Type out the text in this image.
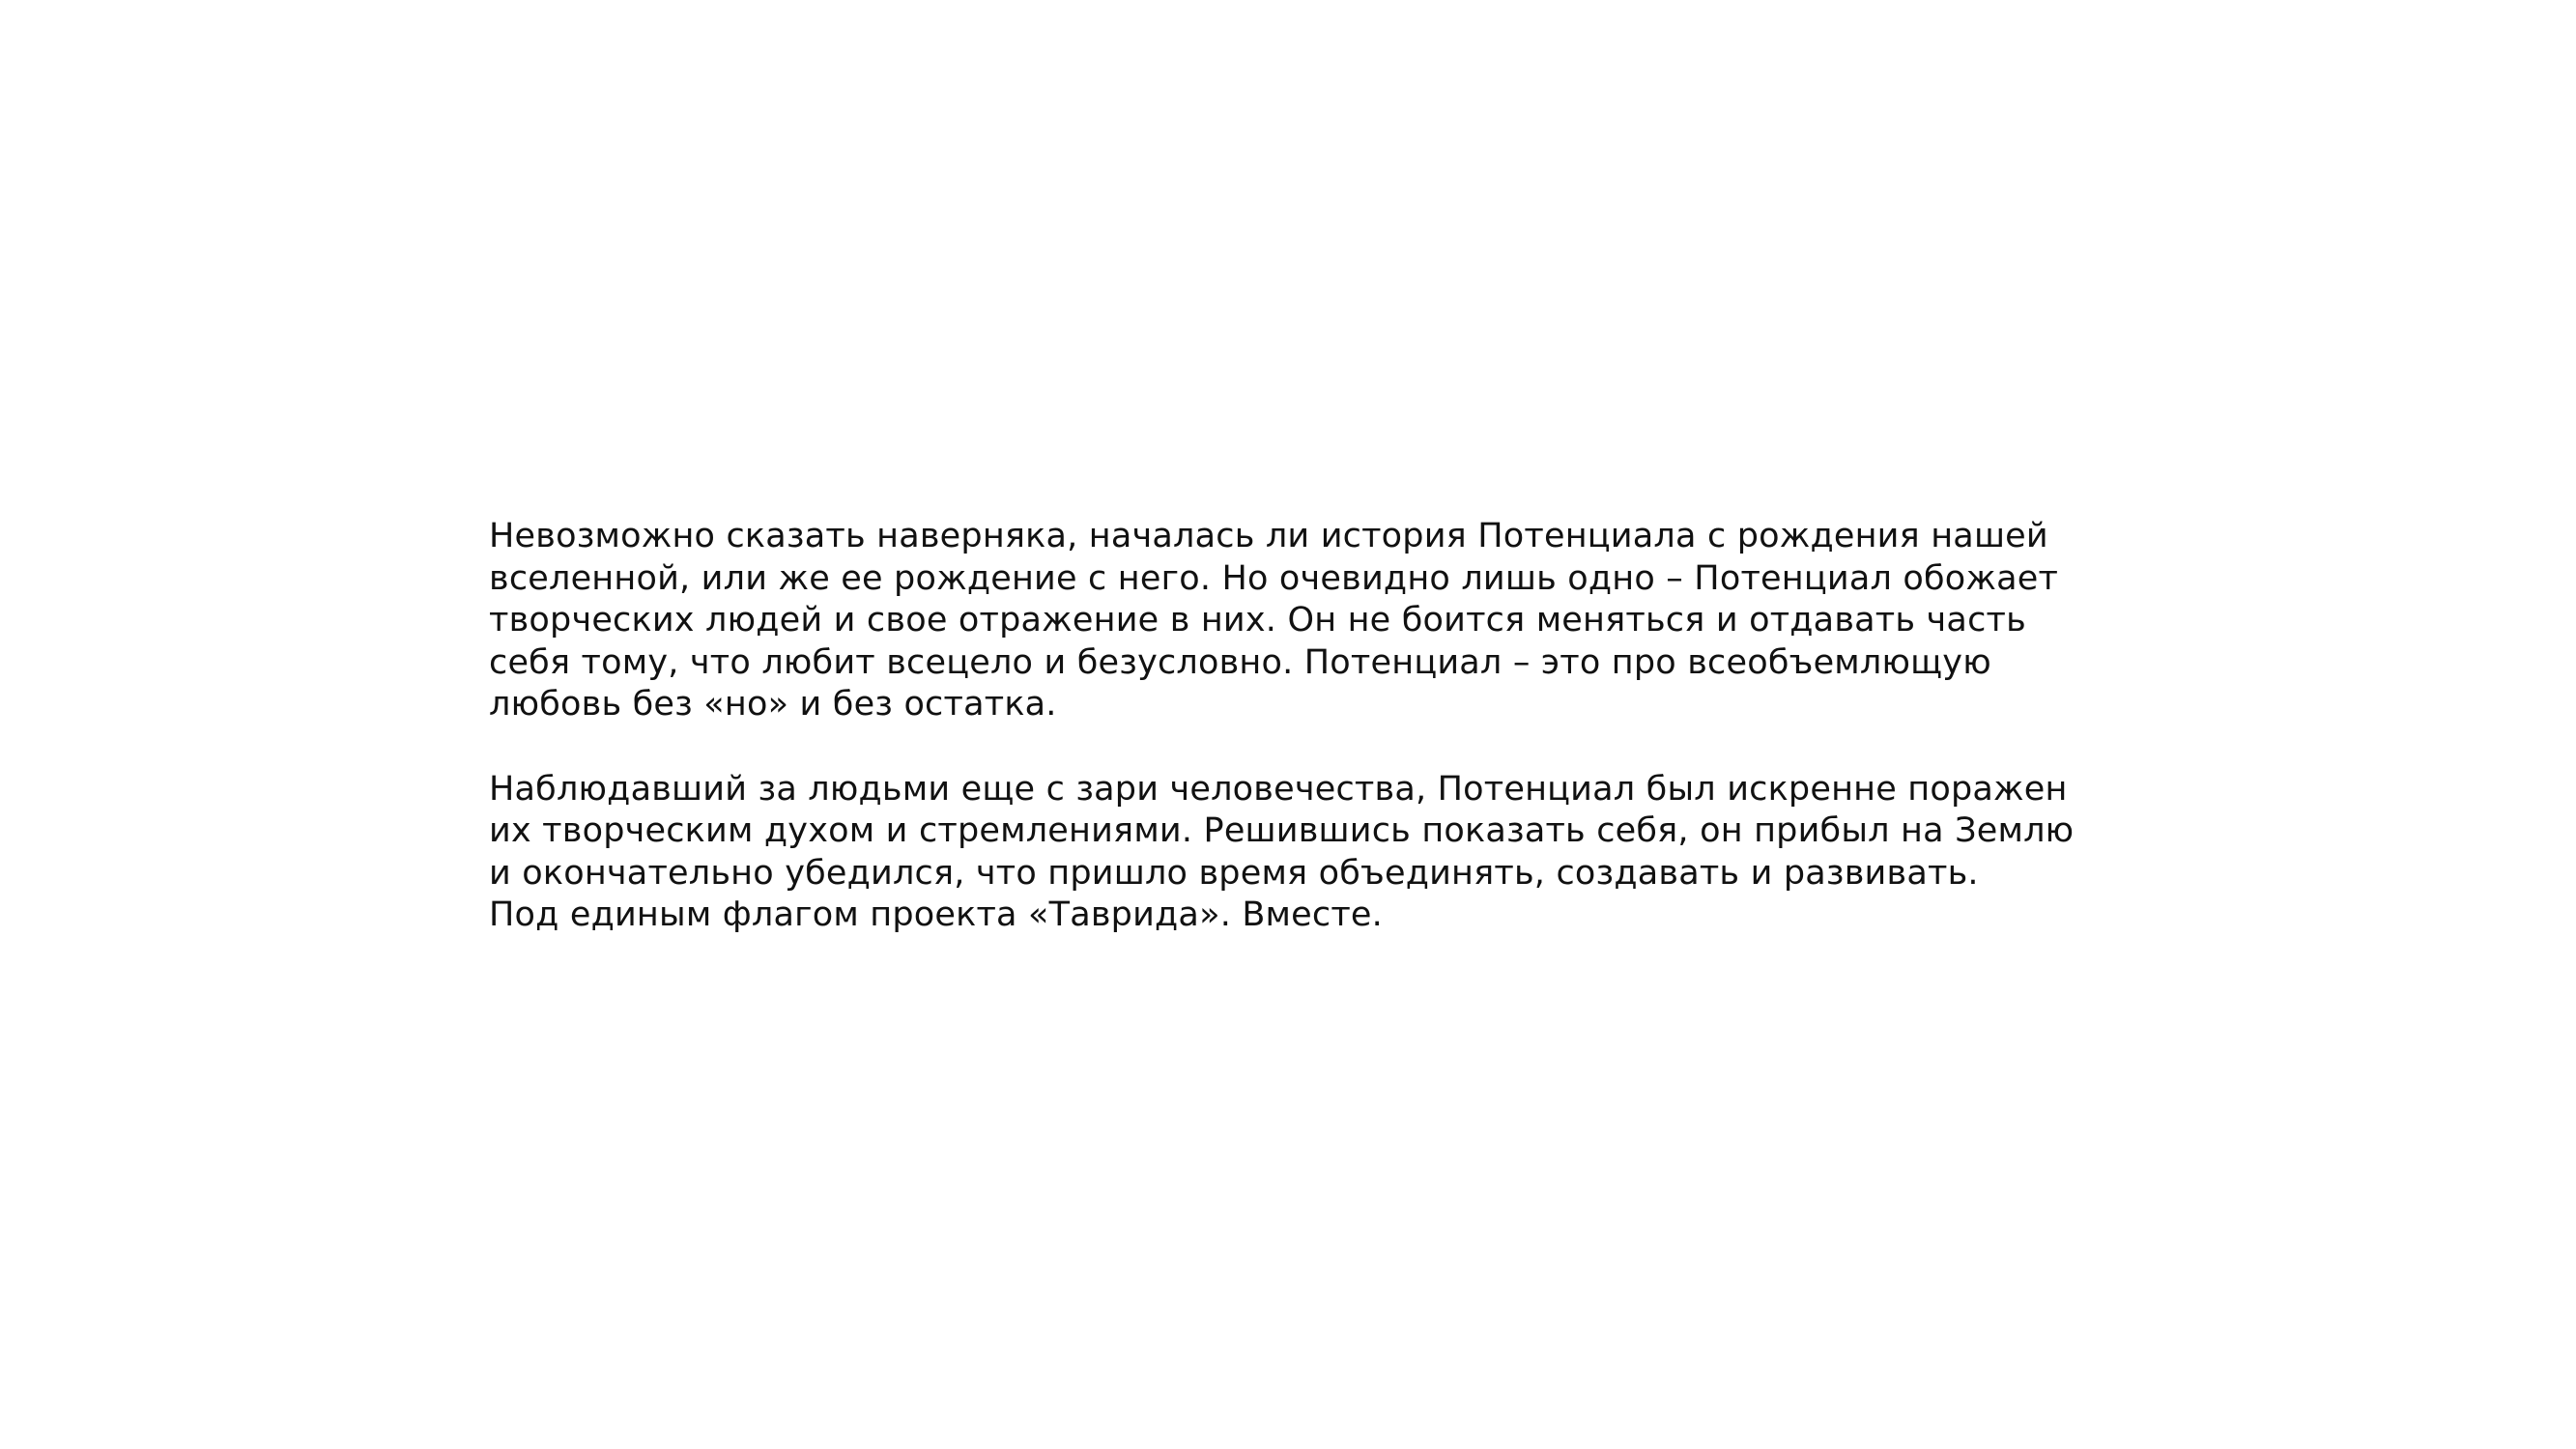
Невозможно сказать наверняка, началась ли история Потенциала с рождения нашей
вселенной, или же ее рождение с него. Но очевидно лишь одно – Потенциал обожает
творческих людей и свое отражение в них. Он не боится меняться и отдавать часть
себя тому, что любит всецело и безусловно. Потенциал – это про всеобъемлющую
любовь без «но» и без остатка.

Наблюдавший за людьми еще с зари человечества, Потенциал был искренне поражен
их творческим духом и стремлениями. Решившись показать себя, он прибыл на Землю
и окончательно убедился, что пришло время объединять, создавать и развивать.
Под единым флагом проекта «Таврида». Вместе.
